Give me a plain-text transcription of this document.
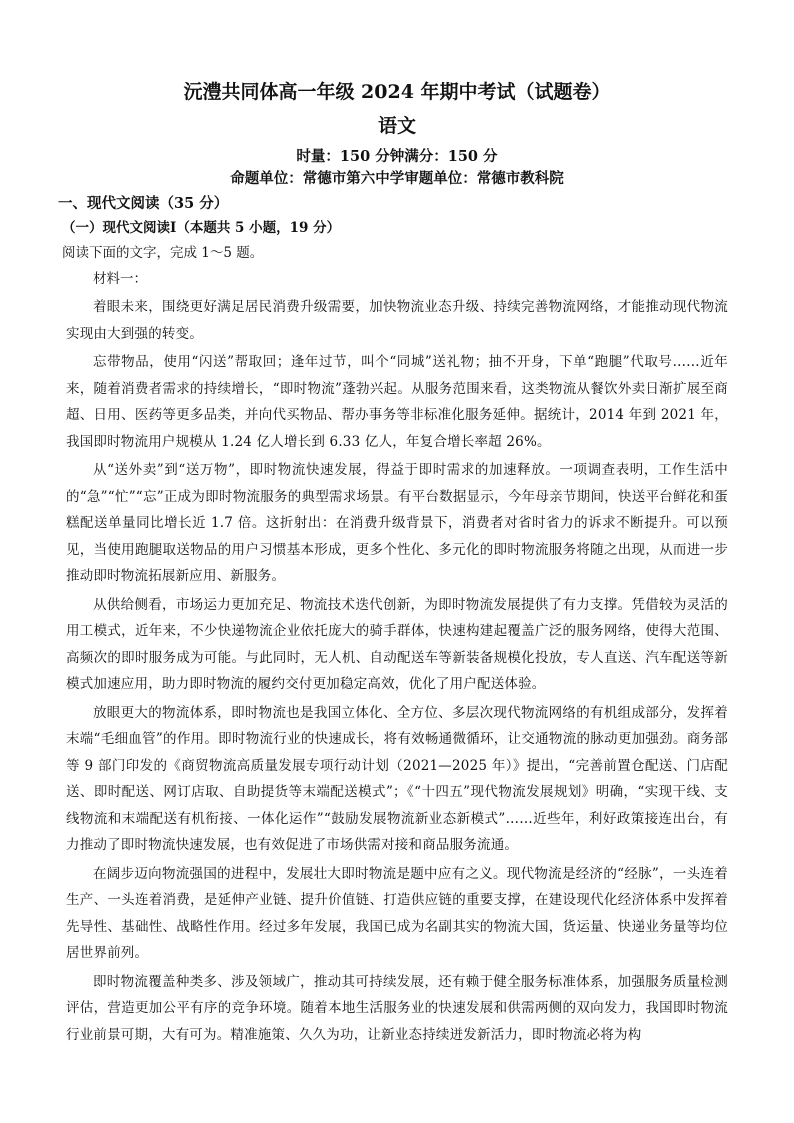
沅澧共同体高一年级 2024 年期中考试（试题卷）
语文
时量：150 分钟满分：150 分
命题单位：常德市第六中学审题单位：常德市教科院
一、现代文阅读（35 分）
（一）现代文阅读Ⅰ（本题共 5 小题，19 分）
阅读下面的文字，完成 1～5 题。
材料一：

着眼未来，围绕更好满足居民消费升级需要，加快物流业态升级、持续完善物流网络，才能推动现代物流实现由大到强的转变。

忘带物品，使用“闪送”帮取回；逢年过节，叫个“同城”送礼物；抽不开身，下单“跑腿”代取号……近年来，随着消费者需求的持续增长，“即时物流”蓬勃兴起。从服务范围来看，这类物流从餐饮外卖日渐扩展至商超、日用、医药等更多品类，并向代买物品、帮办事务等非标准化服务延伸。据统计，2014 年到 2021 年，我国即时物流用户规模从 1.24 亿人增长到 6.33 亿人，年复合增长率超 26%。

从“送外卖”到“送万物”，即时物流快速发展，得益于即时需求的加速释放。一项调查表明，工作生活中的“急”“忙”“忘”正成为即时物流服务的典型需求场景。有平台数据显示，今年母亲节期间，快送平台鲜花和蛋糕配送单量同比增长近 1.7 倍。这折射出：在消费升级背景下，消费者对省时省力的诉求不断提升。可以预见，当使用跑腿取送物品的用户习惯基本形成，更多个性化、多元化的即时物流服务将随之出现，从而进一步推动即时物流拓展新应用、新服务。

从供给侧看，市场运力更加充足、物流技术迭代创新，为即时物流发展提供了有力支撑。凭借较为灵活的用工模式，近年来，不少快递物流企业依托庞大的骑手群体，快速构建起覆盖广泛的服务网络，使得大范围、高频次的即时服务成为可能。与此同时，无人机、自动配送车等新装备规模化投放，专人直送、汽车配送等新模式加速应用，助力即时物流的履约交付更加稳定高效，优化了用户配送体验。

放眼更大的物流体系，即时物流也是我国立体化、全方位、多层次现代物流网络的有机组成部分，发挥着末端“毛细血管”的作用。即时物流行业的快速成长，将有效畅通微循环，让交通物流的脉动更加强劲。商务部等 9 部门印发的《商贸物流高质量发展专项行动计划（2021—2025 年）》提出，“完善前置仓配送、门店配送、即时配送、网订店取、自助提货等末端配送模式”；《“十四五”现代物流发展规划》明确，“实现干线、支线物流和末端配送有机衔接、一体化运作”“鼓励发展物流新业态新模式”……近些年，利好政策接连出台，有力推动了即时物流快速发展，也有效促进了市场供需对接和商品服务流通。

在阔步迈向物流强国的进程中，发展壮大即时物流是题中应有之义。现代物流是经济的“经脉”，一头连着生产、一头连着消费，是延伸产业链、提升价值链、打造供应链的重要支撑，在建设现代化经济体系中发挥着先导性、基础性、战略性作用。经过多年发展，我国已成为名副其实的物流大国，货运量、快递业务量等均位居世界前列。

即时物流覆盖种类多、涉及领域广，推动其可持续发展，还有赖于健全服务标准体系，加强服务质量检测评估，营造更加公平有序的竞争环境。随着本地生活服务业的快速发展和供需两侧的双向发力，我国即时物流行业前景可期，大有可为。精准施策、久久为功，让新业态持续迸发新活力，即时物流必将为构
